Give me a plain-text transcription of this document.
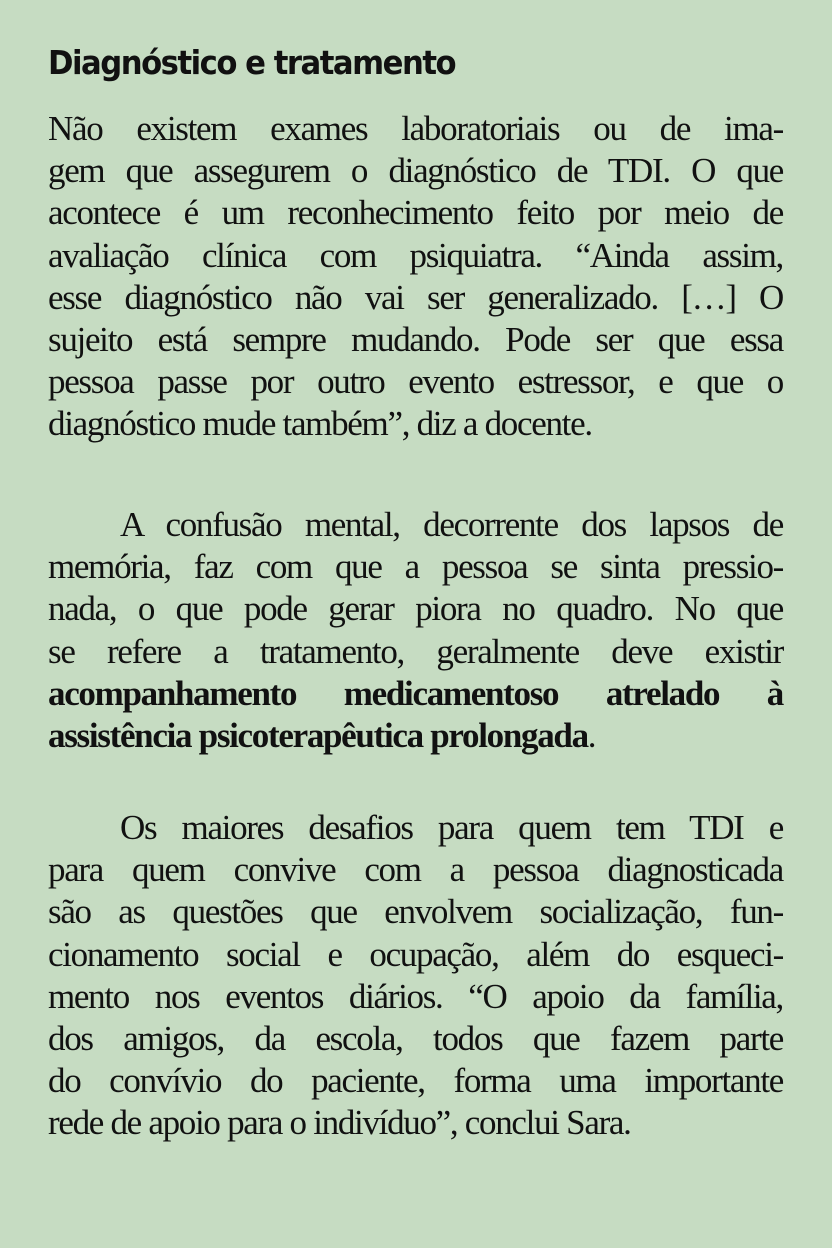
Diagnóstico e tratamento
Não existem exames laboratoriais ou de ima-
gem que assegurem o diagnóstico de TDI. O que
acontece é um reconhecimento feito por meio de
avaliação clínica com psiquiatra. “Ainda assim,
esse diagnóstico não vai ser generalizado. […] O
sujeito está sempre mudando. Pode ser que essa
pessoa passe por outro evento estressor, e que o
diagnóstico mude também”, diz a docente.
A confusão mental, decorrente dos lapsos de
memória, faz com que a pessoa se sinta pressio-
nada, o que pode gerar piora no quadro. No que
se refere a tratamento, geralmente deve existir
acompanhamento medicamentoso atrelado à
assistência psicoterapêutica prolongada.
Os maiores desafios para quem tem TDI e
para quem convive com a pessoa diagnosticada
são as questões que envolvem socialização, fun-
cionamento social e ocupação, além do esqueci-
mento nos eventos diários. “O apoio da família,
dos amigos, da escola, todos que fazem parte
do convívio do paciente, forma uma importante
rede de apoio para o indivíduo”, conclui Sara.
